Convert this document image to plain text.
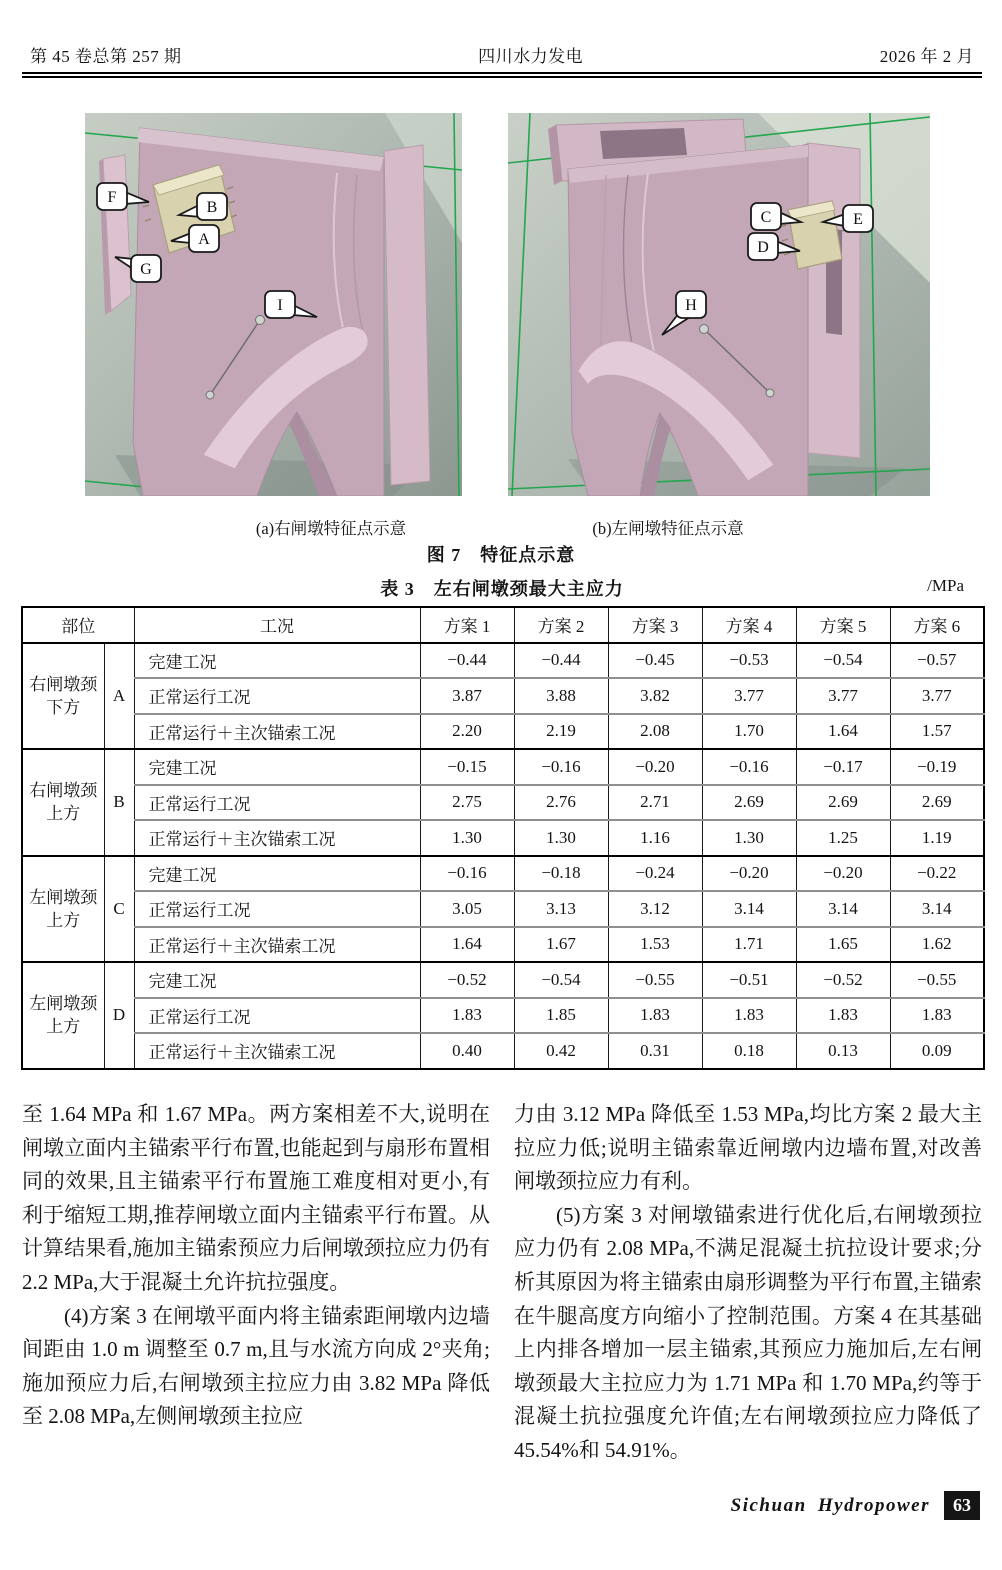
第 45 卷总第 257 期	四川水力发电	2026 年 2 月
F
B
A
G
I
C
D
E
H
(a)右闸墩特征点示意	(b)左闸墩特征点示意
图 7　特征点示意
表 3　左右闸墩颈最大主应力	/MPa
部位		工况	方案 1	方案 2	方案 3	方案 4	方案 5	方案 6
右闸墩颈下方	A	完建工况	−0.44	−0.44	−0.45	−0.53	−0.54	−0.57
		正常运行工况	3.87	3.88	3.82	3.77	3.77	3.77
		正常运行＋主次锚索工况	2.20	2.19	2.08	1.70	1.64	1.57
右闸墩颈上方	B	完建工况	−0.15	−0.16	−0.20	−0.16	−0.17	−0.19
		正常运行工况	2.75	2.76	2.71	2.69	2.69	2.69
		正常运行＋主次锚索工况	1.30	1.30	1.16	1.30	1.25	1.19
左闸墩颈上方	C	完建工况	−0.16	−0.18	−0.24	−0.20	−0.20	−0.22
		正常运行工况	3.05	3.13	3.12	3.14	3.14	3.14
		正常运行＋主次锚索工况	1.64	1.67	1.53	1.71	1.65	1.62
左闸墩颈上方	D	完建工况	−0.52	−0.54	−0.55	−0.51	−0.52	−0.55
		正常运行工况	1.83	1.85	1.83	1.83	1.83	1.83
		正常运行＋主次锚索工况	0.40	0.42	0.31	0.18	0.13	0.09

至 1.64 MPa 和 1.67 MPa。两方案相差不大,说明在闸墩立面内主锚索平行布置,也能起到与扇形布置相同的效果,且主锚索平行布置施工难度相对更小,有利于缩短工期,推荐闸墩立面内主锚索平行布置。从计算结果看,施加主锚索预应力后闸墩颈拉应力仍有 2.2 MPa,大于混凝土允许抗拉强度。

(4)方案 3 在闸墩平面内将主锚索距闸墩内边墙间距由 1.0 m 调整至 0.7 m,且与水流方向成 2°夹角;施加预应力后,右闸墩颈主拉应力由 3.82 MPa 降低至 2.08 MPa,左侧闸墩颈主拉应

力由 3.12 MPa 降低至 1.53 MPa,均比方案 2 最大主拉应力低;说明主锚索靠近闸墩内边墙布置,对改善闸墩颈拉应力有利。

(5)方案 3 对闸墩锚索进行优化后,右闸墩颈拉应力仍有 2.08 MPa,不满足混凝土抗拉设计要求;分析其原因为将主锚索由扇形调整为平行布置,主锚索在牛腿高度方向缩小了控制范围。方案 4 在其基础上内排各增加一层主锚索,其预应力施加后,左右闸墩颈最大主拉应力为 1.71 MPa 和 1.70 MPa,约等于混凝土抗拉强度允许值;左右闸墩颈拉应力降低了 45.54%和 54.91%。

Sichuan Hydropower	63
